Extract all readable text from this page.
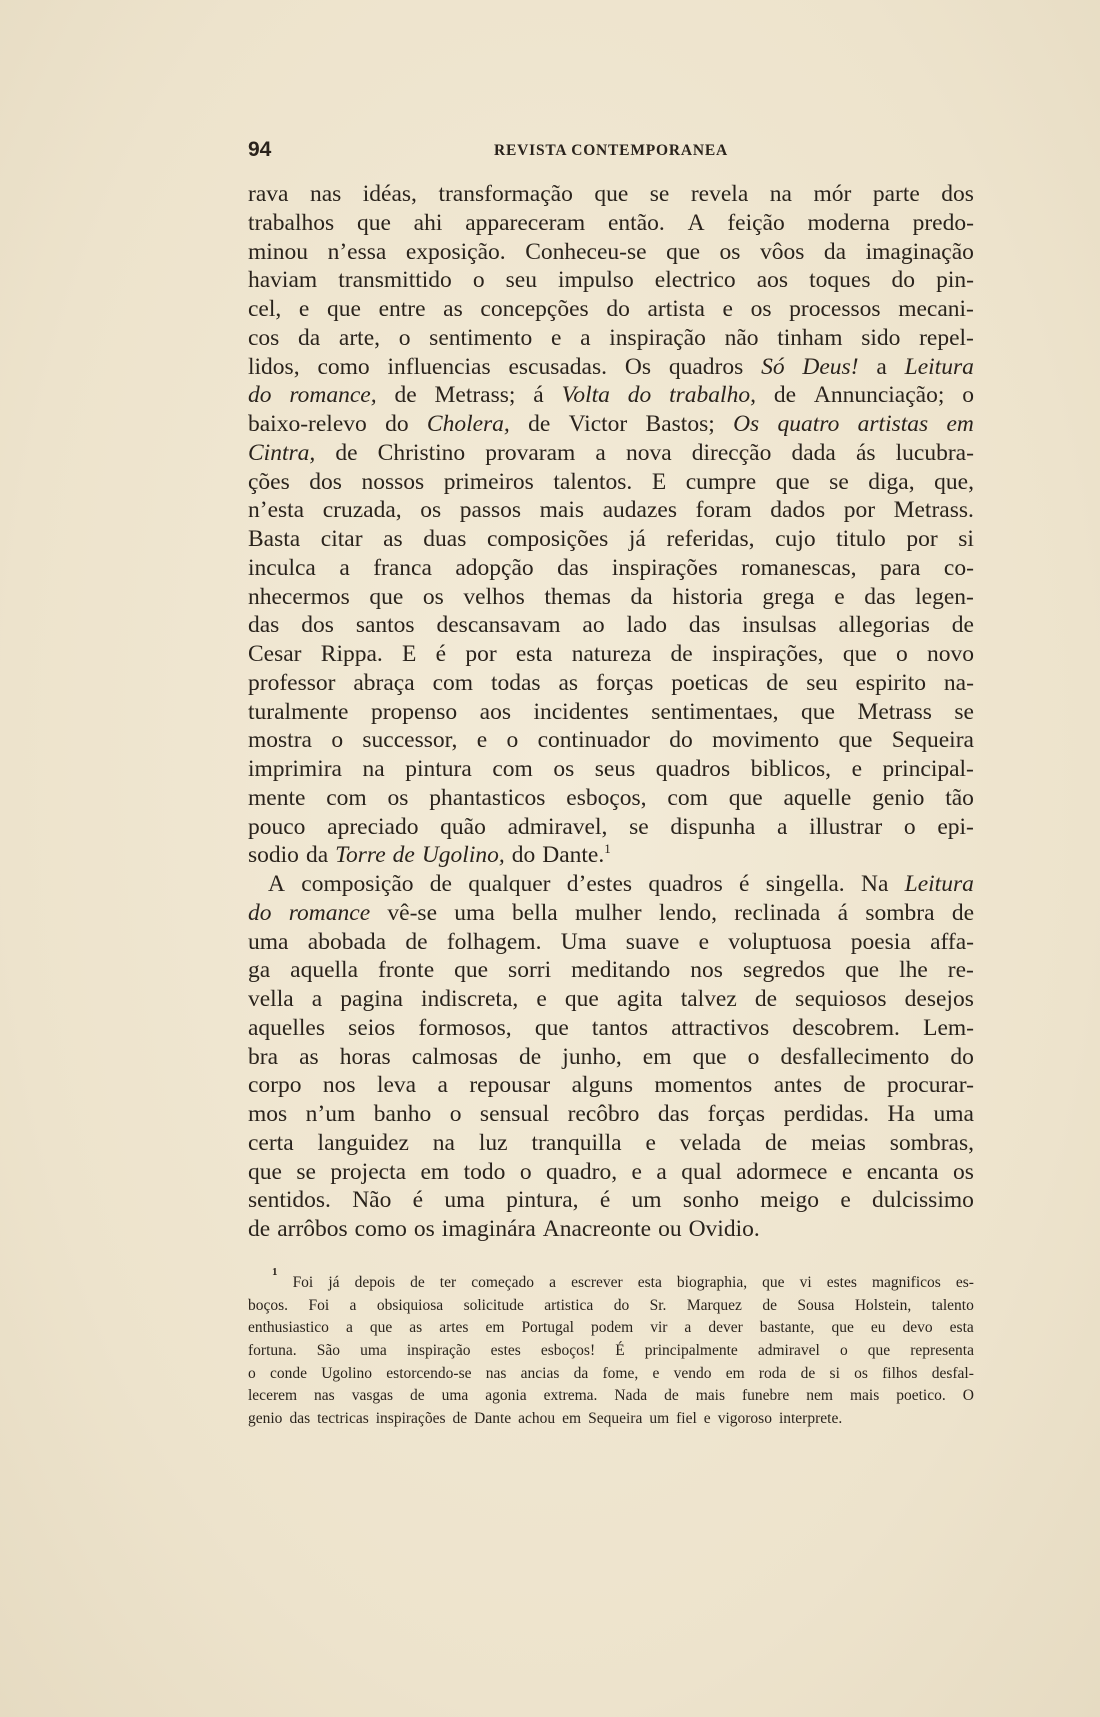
94	REVISTA CONTEMPORANEA
rava nas idéas, transformação que se revela na mór parte dos
trabalhos que ahi appareceram então. A feição moderna predo-
minou n’essa exposição. Conheceu-se que os vôos da imaginação
haviam transmittido o seu impulso electrico aos toques do pin-
cel, e que entre as concepções do artista e os processos mecani-
cos da arte, o sentimento e a inspiração não tinham sido repel-
lidos, como influencias escusadas. Os quadros Só Deus! a Leitura
do romance, de Metrass; á Volta do trabalho, de Annunciação; o
baixo-relevo do Cholera, de Victor Bastos; Os quatro artistas em
Cintra, de Christino provaram a nova direcção dada ás lucubra-
ções dos nossos primeiros talentos. E cumpre que se diga, que,
n’esta cruzada, os passos mais audazes foram dados por Metrass.
Basta citar as duas composições já referidas, cujo titulo por si
inculca a franca adopção das inspirações romanescas, para co-
nhecermos que os velhos themas da historia grega e das legen-
das dos santos descansavam ao lado das insulsas allegorias de
Cesar Rippa. E é por esta natureza de inspirações, que o novo
professor abraça com todas as forças poeticas de seu espirito na-
turalmente propenso aos incidentes sentimentaes, que Metrass se
mostra o successor, e o continuador do movimento que Sequeira
imprimira na pintura com os seus quadros biblicos, e principal-
mente com os phantasticos esboços, com que aquelle genio tão
pouco apreciado quão admiravel, se dispunha a illustrar o epi-
sodio da Torre de Ugolino, do Dante.1
A composição de qualquer d’estes quadros é singella. Na Leitura
do romance vê-se uma bella mulher lendo, reclinada á sombra de
uma abobada de folhagem. Uma suave e voluptuosa poesia affa-
ga aquella fronte que sorri meditando nos segredos que lhe re-
vella a pagina indiscreta, e que agita talvez de sequiosos desejos
aquelles seios formosos, que tantos attractivos descobrem. Lem-
bra as horas calmosas de junho, em que o desfallecimento do
corpo nos leva a repousar alguns momentos antes de procurar-
mos n’um banho o sensual recôbro das forças perdidas. Ha uma
certa languidez na luz tranquilla e velada de meias sombras,
que se projecta em todo o quadro, e a qual adormece e encanta os
sentidos. Não é uma pintura, é um sonho meigo e dulcissimo
de arrôbos como os imaginára Anacreonte ou Ovidio.
1
Foi já depois de ter começado a escrever esta biographia, que vi estes magnificos es-
boços. Foi a obsiquiosa solicitude artistica do Sr. Marquez de Sousa Holstein, talento
enthusiastico a que as artes em Portugal podem vir a dever bastante, que eu devo esta
fortuna. São uma inspiração estes esboços! É principalmente admiravel o que representa
o conde Ugolino estorcendo-se nas ancias da fome, e vendo em roda de si os filhos desfal-
lecerem nas vasgas de uma agonia extrema. Nada de mais funebre nem mais poetico. O
genio das tectricas inspirações de Dante achou em Sequeira um fiel e vigoroso interprete.
